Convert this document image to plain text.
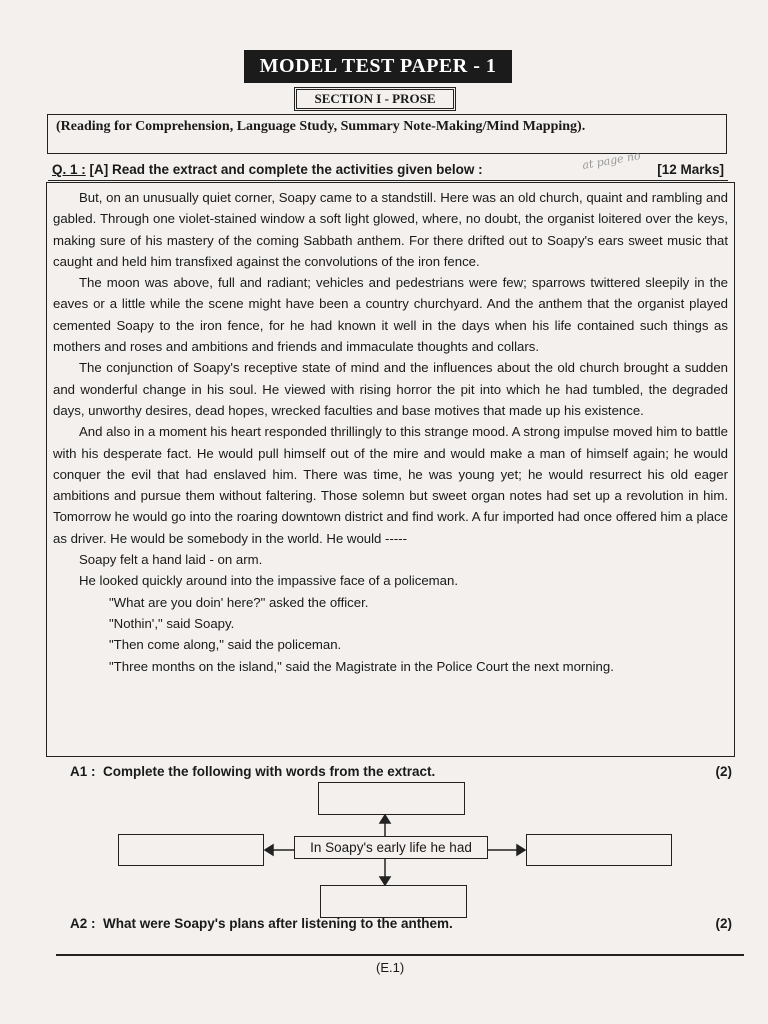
MODEL TEST PAPER - 1
SECTION I - PROSE
(Reading for Comprehension, Language Study, Summary Note-Making/Mind Mapping).
Q. 1 : [A] Read the extract and complete the activities given below :	at page no [12 Marks]

But, on an unusually quiet corner, Soapy came to a standstill. Here was an old church, quaint and rambling and gabled. Through one violet-stained window a soft light glowed, where, no doubt, the organist loitered over the keys, making sure of his mastery of the coming Sabbath anthem. For there drifted out to Soapy's ears sweet music that caught and held him transfixed against the convolutions of the iron fence.

The moon was above, full and radiant; vehicles and pedestrians were few; sparrows twittered sleepily in the eaves or a little while the scene might have been a country churchyard. And the anthem that the organist played cemented Soapy to the iron fence, for he had known it well in the days when his life contained such things as mothers and roses and ambitions and friends and immaculate thoughts and collars.

The conjunction of Soapy's receptive state of mind and the influences about the old church brought a sudden and wonderful change in his soul. He viewed with rising horror the pit into which he had tumbled, the degraded days, unworthy desires, dead hopes, wrecked faculties and base motives that made up his existence.

And also in a moment his heart responded thrillingly to this strange mood. A strong impulse moved him to battle with his desperate fact. He would pull himself out of the mire and would make a man of himself again; he would conquer the evil that had enslaved him. There was time, he was young yet; he would resurrect his old eager ambitions and pursue them without faltering. Those solemn but sweet organ notes had set up a revolution in him. Tomorrow he would go into the roaring downtown district and find work. A fur imported had once offered him a place as driver. He would be somebody in the world. He would -----

Soapy felt a hand laid - on arm.

He looked quickly around into the impassive face of a policeman.

"What are you doin' here?" asked the officer.

"Nothin'," said Soapy.

"Then come along," said the policeman.

"Three months on the island," said the Magistrate in the Police Court the next morning.

A1 : Complete the following with words from the extract.	(2)
In Soapy's early life he had
A2 : What were Soapy's plans after listening to the anthem.	(2)
(E.1)
